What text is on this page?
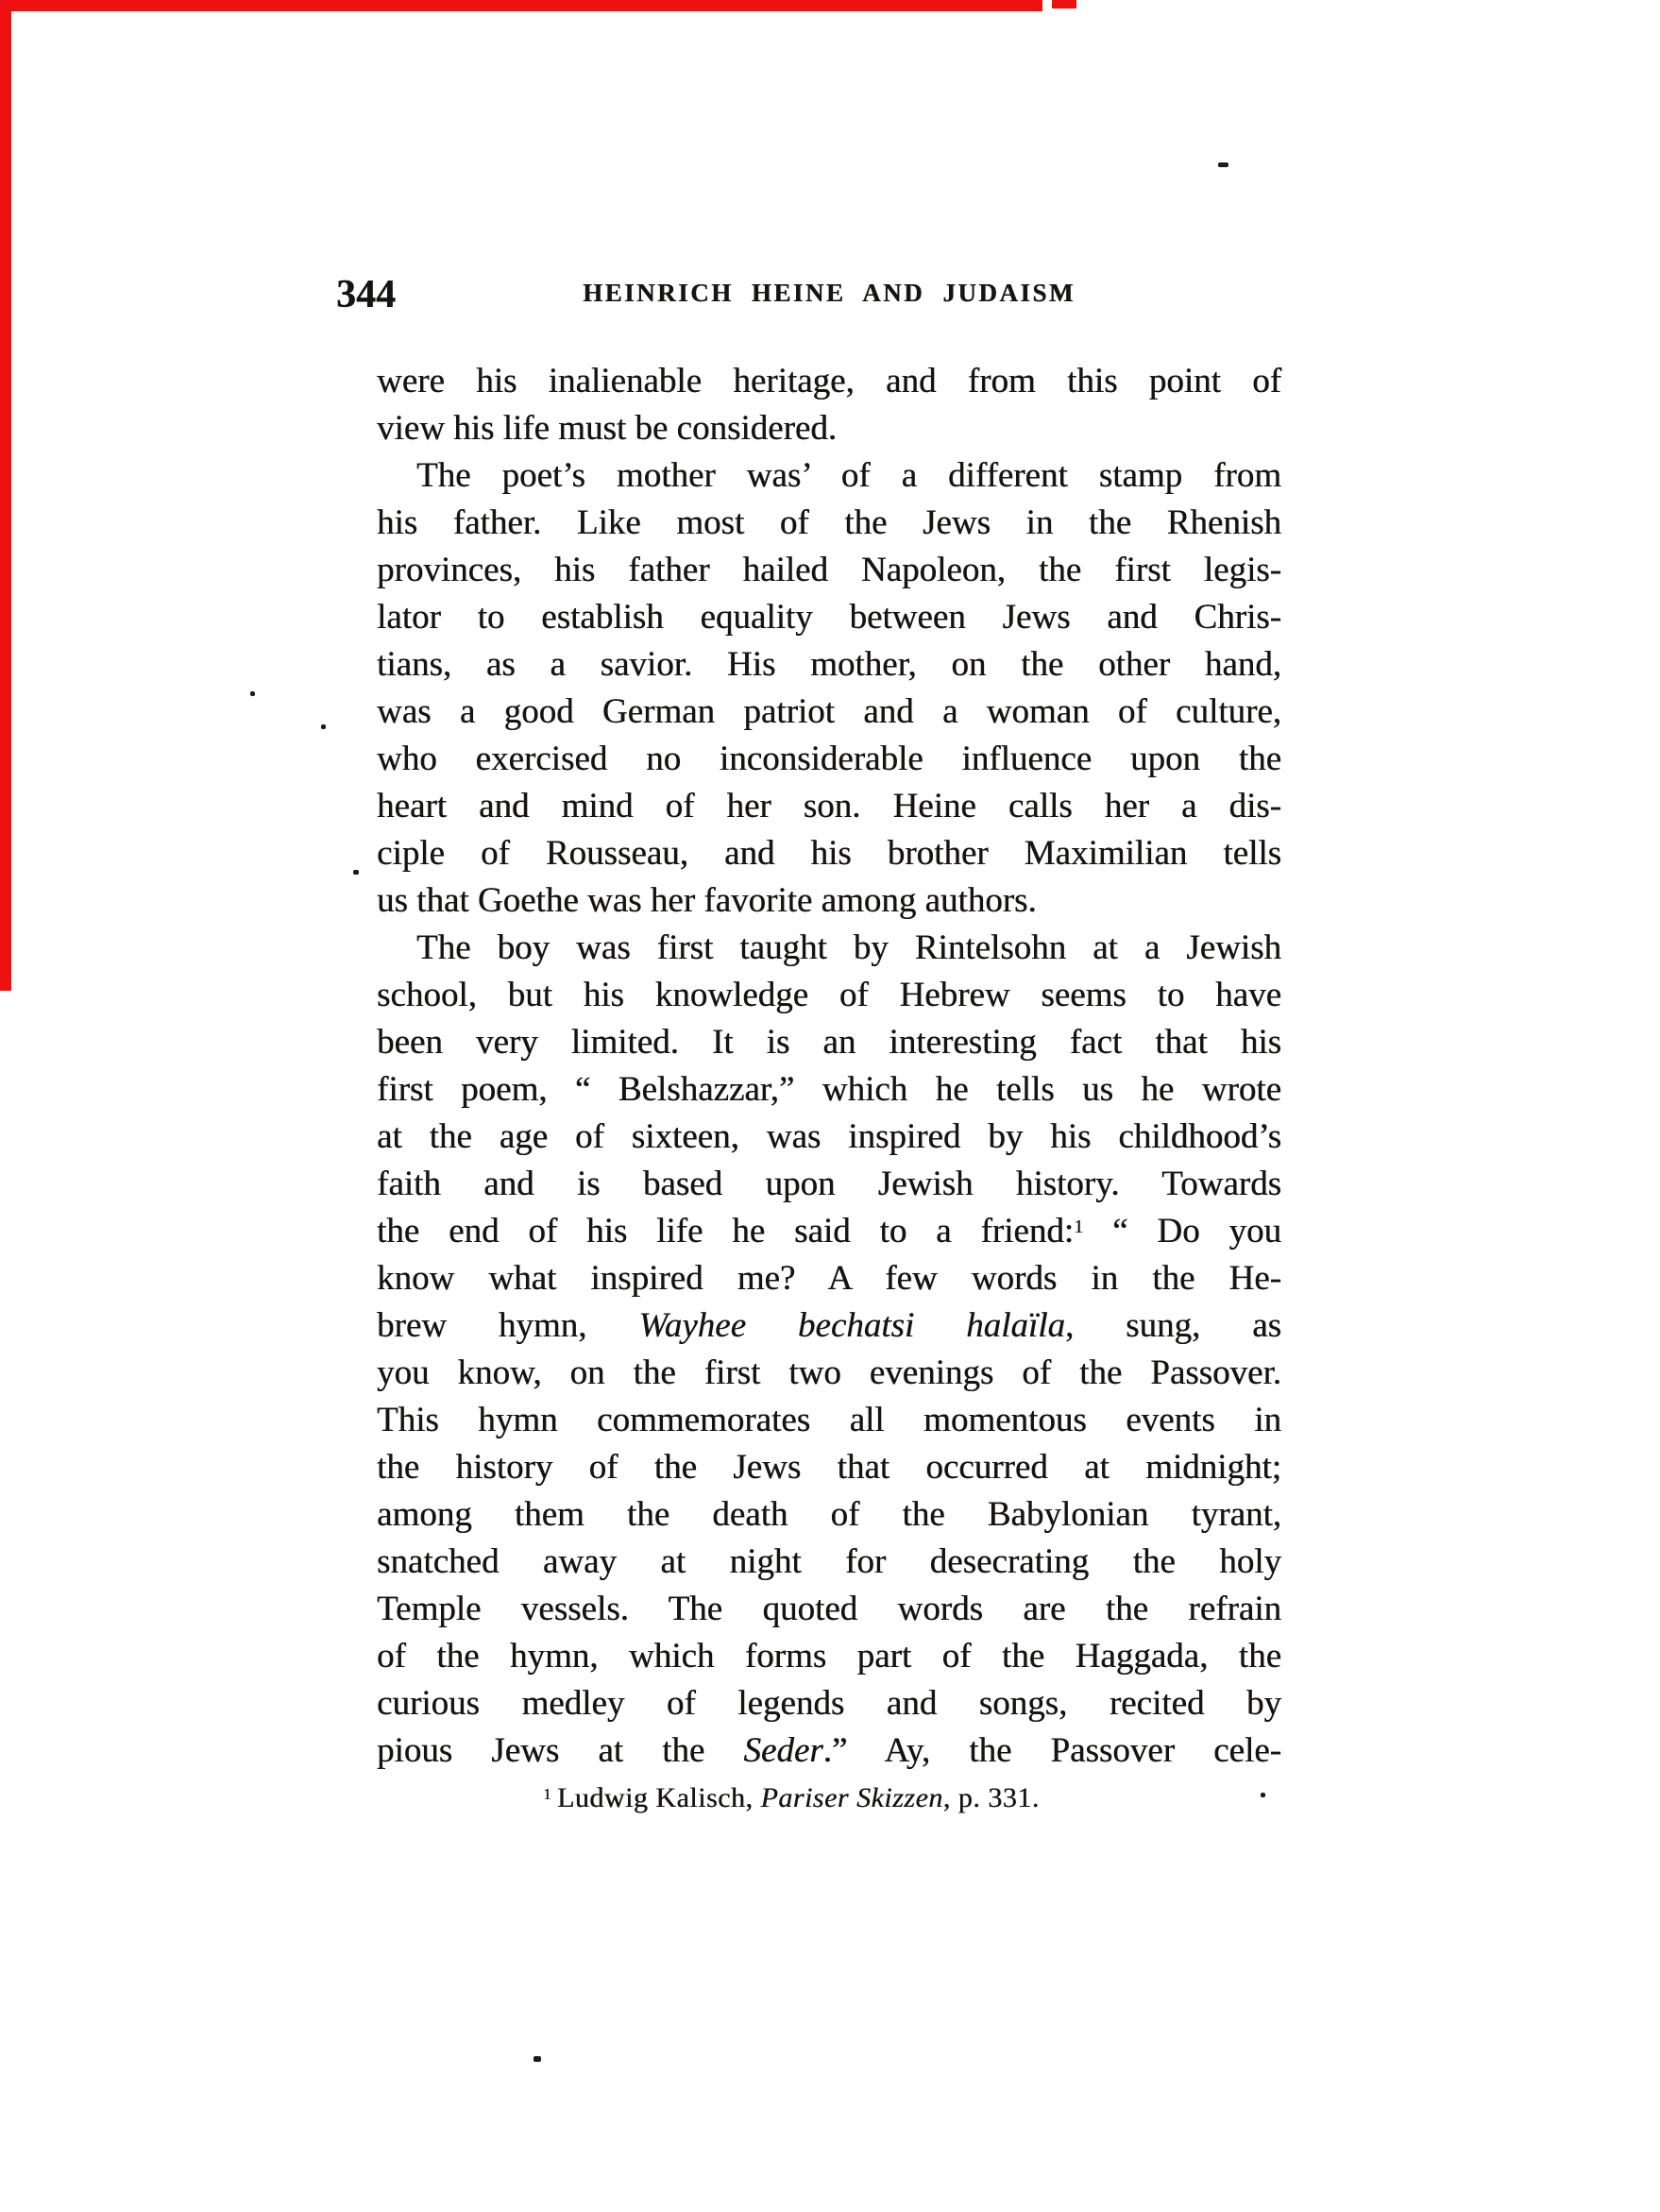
344	HEINRICH HEINE AND JUDAISM
were his inalienable heritage, and from this point of
view his life must be considered.
The poet’s mother was’ of a different stamp from
his father. Like most of the Jews in the Rhenish
provinces, his father hailed Napoleon, the first legis-
lator to establish equality between Jews and Chris-
tians, as a savior. His mother, on the other hand,
was a good German patriot and a woman of culture,
who exercised no inconsiderable influence upon the
heart and mind of her son. Heine calls her a dis-
ciple of Rousseau, and his brother Maximilian tells
us that Goethe was her favorite among authors.
The boy was first taught by Rintelsohn at a Jewish
school, but his knowledge of Hebrew seems to have
been very limited. It is an interesting fact that his
first poem, “ Belshazzar,” which he tells us he wrote
at the age of sixteen, was inspired by his childhood’s
faith and is based upon Jewish history. Towards
the end of his life he said to a friend:$^1$ “ Do you
know what inspired me? A few words in the He-
brew hymn, Wayhee bechatsi halaïla, sung, as
you know, on the first two evenings of the Passover.
This hymn commemorates all momentous events in
the history of the Jews that occurred at midnight;
among them the death of the Babylonian tyrant,
snatched away at night for desecrating the holy
Temple vessels. The quoted words are the refrain
of the hymn, which forms part of the Haggada, the
curious medley of legends and songs, recited by
pious Jews at the Seder.” Ay, the Passover cele-
$^1$ Ludwig Kalisch, Pariser Skizzen, p. 331.
